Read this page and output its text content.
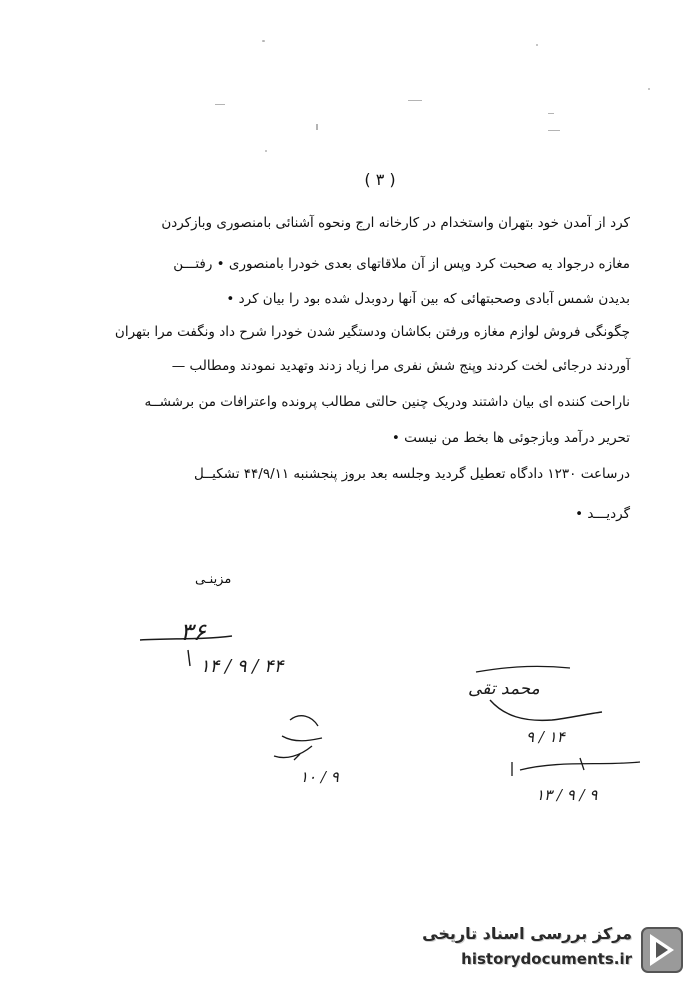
( ۳ )
کرد از آمدن خود بتهران واستخدام در کارخانه ارج ونحوه آشنائی بامنصوری وبازکردن
مغازه درجواد یه صحبت کرد وپس از آن ملاقاتهای بعدی خودرا بامنصوری • رفتـــن
بدیدن شمس آبادی وصحبتهائی که بین آنها ردوبدل شده بود را بیان کرد •
چگونگی فروش لوازم مغازه ورفتن بکاشان ودستگیر شدن خودرا شرح داد ونگفت مرا بتهران
آوردند درجائی لخت کردند وپنج شش نفری مرا زیاد زدند وتهدید نمودند ومطالب —
ناراحت کننده ای بیان داشتند ودریک چنین حالتی مطالب پرونده واعترافات من برششــه
تحریر درآمد وبازجوئی ها بخط من نیست •
درساعت ۱۲۳۰ دادگاه تعطیل گردید وجلسه بعد بروز پنجشنبه ۴۴/۹/۱۱ تشکیــل
گردیـــد •
مزینـی
۳۶
۱۴ / ۹ / ۴۴
۱۰ / ۹
محمد تقی
۹ / ۱۴
۱۳ / ۹ / ۹
مرکز بررسی اسناد تاریخی
historydocuments.ir
